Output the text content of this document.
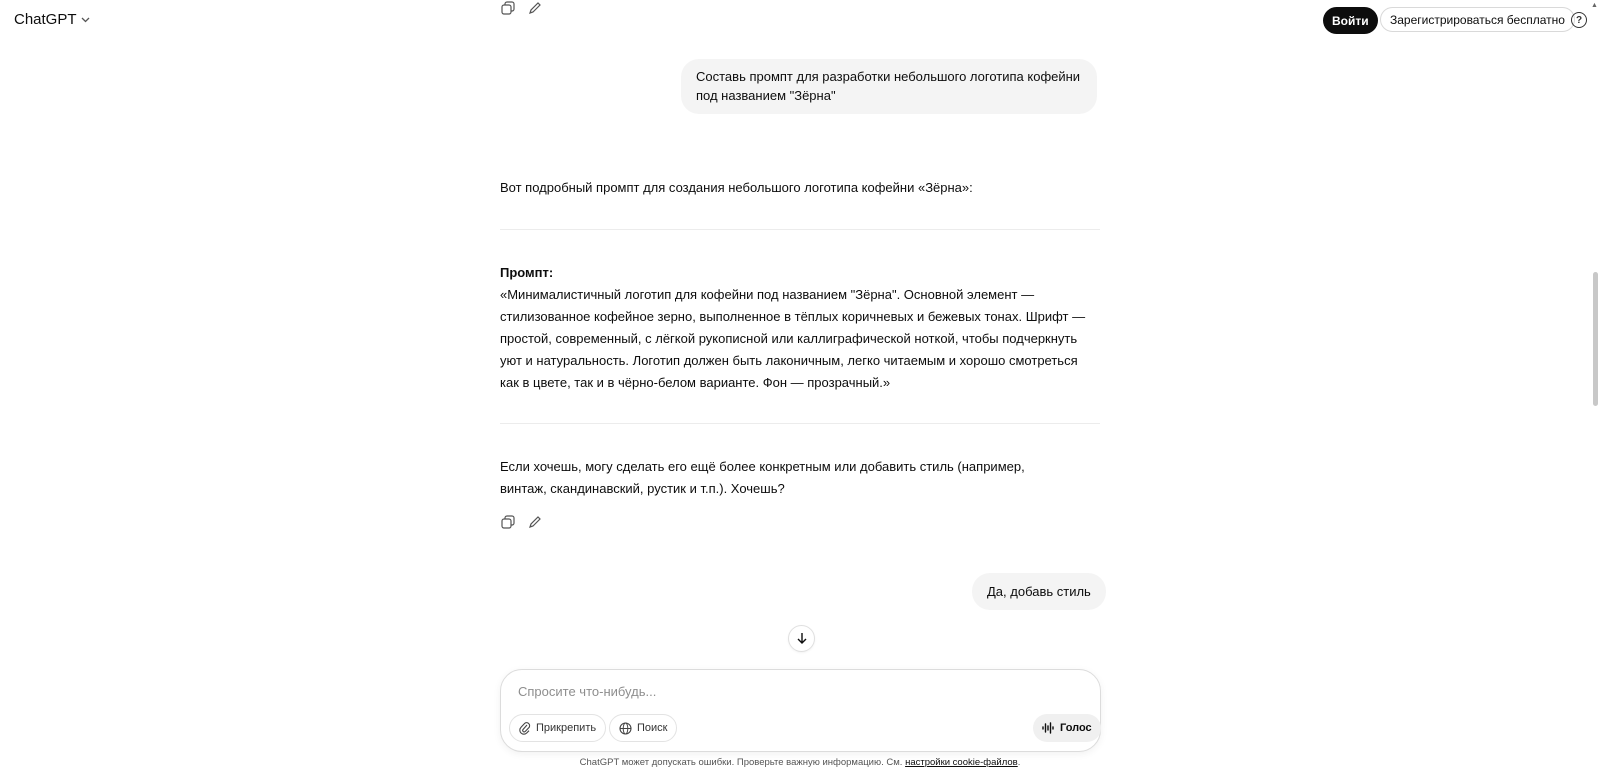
ChatGPT	Войти	Зарегистрироваться бесплатно	?
▲
Составь промпт для разработки небольшого логотипа кофейни под названием "Зёрна"
Вот подробный промпт для создания небольшого логотипа кофейни «Зёрна»:
Промпт:
«Минималистичный логотип для кофейни под названием "Зёрна". Основной элемент — стилизованное кофейное зерно, выполненное в тёплых коричневых и бежевых тонах. Шрифт — простой, современный, с лёгкой рукописной или каллиграфической ноткой, чтобы подчеркнуть уют и натуральность. Логотип должен быть лаконичным, легко читаемым и хорошо смотреться как в цвете, так и в чёрно-белом варианте. Фон — прозрачный.»
Если хочешь, могу сделать его ещё более конкретным или добавить стиль (например, винтаж, скандинавский, рустик и т.п.). Хочешь?
Да, добавь стиль
Спросите что-нибудь...
Прикрепить	Поиск	Голос
ChatGPT может допускать ошибки. Проверьте важную информацию. См. настройки cookie-файлов.
